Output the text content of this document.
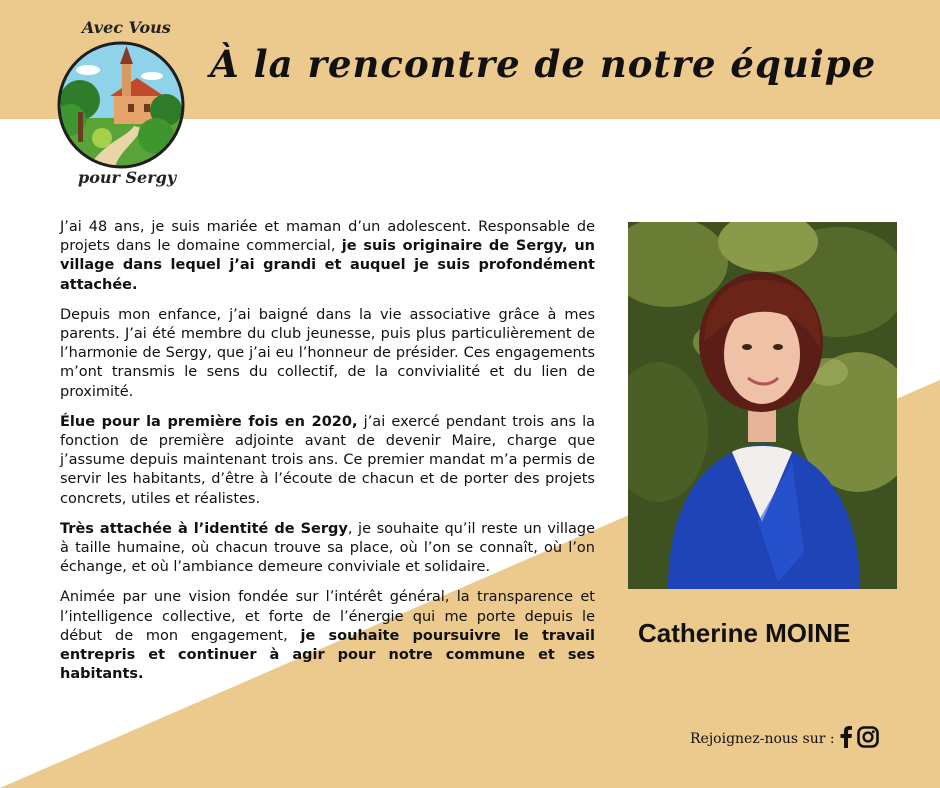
Avec Vous
pour Sergy
À la rencontre de notre équipe

J’ai 48 ans, je suis mariée et maman d’un adolescent. Responsable de projets dans le domaine commercial, je suis originaire de Sergy, un village dans lequel j’ai grandi et auquel je suis profondément attachée.

Depuis mon enfance, j’ai baigné dans la vie associative grâce à mes parents. J’ai été membre du club jeunesse, puis plus particulièrement de l’harmonie de Sergy, que j’ai eu l’honneur de présider. Ces engagements m’ont transmis le sens du collectif, de la convivialité et du lien de proximité.

Élue pour la première fois en 2020, j’ai exercé pendant trois ans la fonction de première adjointe avant de devenir Maire, charge que j’assume depuis maintenant trois ans. Ce premier mandat m’a permis de servir les habitants, d’être à l’écoute de chacun et de porter des projets concrets, utiles et réalistes.

Très attachée à l’identité de Sergy, je souhaite qu’il reste un village à taille humaine, où chacun trouve sa place, où l’on se connaît, où l’on échange, et où l’ambiance demeure conviviale et solidaire.

Animée par une vision fondée sur l’intérêt général, la transparence et l’intelligence collective, et forte de l’énergie qui me porte depuis le début de mon engagement, je souhaite poursuivre le travail entrepris et continuer à agir pour notre commune et ses habitants.

Catherine MOINE
Rejoignez-nous sur :
